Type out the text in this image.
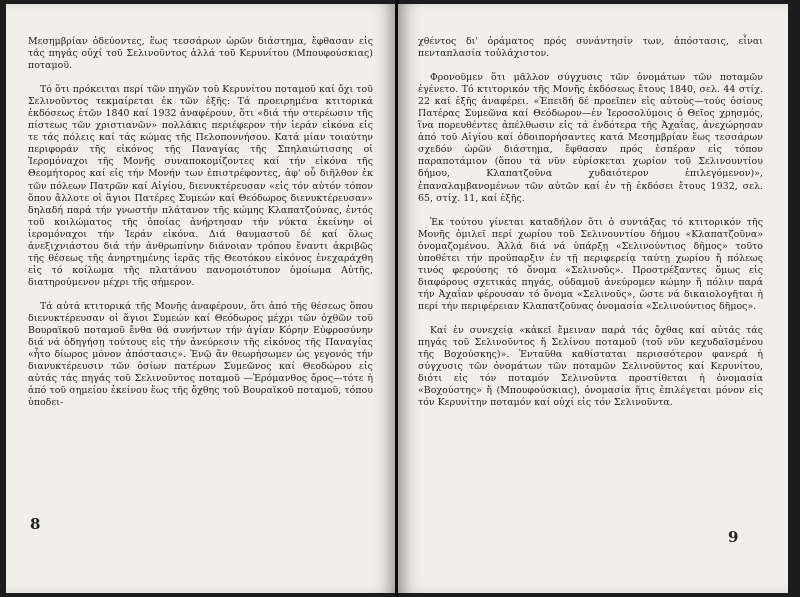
Μεσημβρίαν ὁδεύοντες, ἕως τεσσάρων ὡρῶν διάστημα, ἔφθασαν εἰς τάς πηγάς οὐχί τοῦ Σελινοῦντος ἀλλά τοῦ Κερυνίτου (Μπουφούσκιας) ποταμοῦ.

Τό ὅτι πρόκειται περί τῶν πηγῶν τοῦ Κερυνίτου ποταμοῦ καί ὄχι τοῦ Σελινοῦντος τεκμαίρεται ἐκ τῶν ἑξῆς: Τά προειρημένα κτιτορικά ἐκδόσεως ἐτῶν 1840 καί 1932 ἀναφέρουν, ὅτι «διά τήν στερέωσιν τῆς πίστεως τῶν χριστιανῶν» πολλάκις περιέφερον τήν ἱεράν εἰκόνα εἰς τε τάς πόλεις καί τάς κώμας τῆς Πελοποννήσου. Κατά μίαν τοιαύτην περιφοράν τῆς εἰκόνος τῆς Παναγίας τῆς Σπηλαιώτισσης οἱ Ἱερομόναχοι τῆς Μονῆς συναποκομίζοντες καί τήν εἰκόνα τῆς Θεομήτορος καί εἰς τήν Μονήν των ἐπιστρέφοντες, ἀφ' οὗ διῆλθον ἐκ τῶν πόλεων Πατρῶν καί Αἰγίου, διενυκτέρευσαν «εἰς τόν αὐτόν τόπον ὅπου ἄλλοτε οἱ ἅγιοι Πατέρες Συμεών καί Θεόδωρος διενυκτέρευσαν» δηλαδή παρά τήν γνωστήν πλάτανον τῆς κώμης Κλαπατζούνας, ἐντός τοῦ κοιλώματος τῆς ὁποίας ἀνήρτησαν τήν νύκτα ἐκείνην οἱ ἱερομόναχοι τήν Ἱεράν εἰκόνα. Διά θαυμαστοῦ δέ καί ὅλως ἀνεξιχνιάστου διά τήν ἀνθρωπίνην διάνοιαν τρόπου ἔναντι ἀκριβῶς τῆς θέσεως τῆς ἀνηρτημένης ἱερᾶς τῆς Θεοτόκου εἰκόνος ἐνεχαράχθη εἰς τό κοίλωμα τῆς πλατάνου πανομοιότυπον ὁμοίωμα Αὐτῆς, διατηρούμενον μέχρι τῆς σήμερον.

Τά αὐτά κτιτορικά τῆς Μονῆς ἀναφέρουν, ὅτι ἀπό τῆς θέσεως ὅπου διενυκτέρευσαν οἱ ἅγιοι Συμεών καί Θεόδωρος μέχρι τῶν ὀχθῶν τοῦ Βουραϊκοῦ ποταμοῦ ἔνθα θά συνήντων τήν ἁγίαν Κόρην Εὐφροσύνην διά νά ὁδηγήσῃ τούτους εἰς τήν ἀνεύρεσιν τῆς εἰκόνος τῆς Παναγίας «ἦτο δίωρος μόνον ἀπόστασις». Ἐνῷ ἄν θεωρήσωμεν ὡς γεγονός τήν διανυκτέρευσιν τῶν ὁσίων πατέρων Συμεῶνος καί Θεοδώρου εἰς αὐτάς τάς πηγάς τοῦ Σελινοῦντος ποταμοῦ —Ἐρόμανθος ὄρος—τότε ἡ ἀπό τοῦ σημείου ἐκείνου ἕως τῆς ὄχθης τοῦ Βουραϊκοῦ ποταμοῦ, τόπου ὑποδει-

8

χθέντος δι' ὁράματος πρός συνάντησίν των, ἀπόστασις, εἶναι πενταπλασία τοὐλάχιστον.

Φρονοῦμεν ὅτι μᾶλλον σύγχυσις τῶν ὀνομάτων τῶν ποταμῶν ἐγένετο. Τό κτιτορικόν τῆς Μονῆς ἐκδόσεως ἔτους 1840, σελ. 44 στίχ. 22 καί ἑξῆς ἀναφέρει. «Ἐπειδή δέ προεῖπεν εἰς αὐτοὺς—τούς ὁσίους Πατέρας Συμεῶνα καί Θεόδωρον—ἐν Ἱεροσολύμοις ὁ Θεῖος χρησμός, ἵνα πορευθέντες ἀπέλθωσιν εἰς τά ἐνδότερα τῆς Ἀχαΐας, ἀνεχώρησαν ἀπό τοῦ Αἰγίου καί ὁδοιπορήσαντες κατά Μεσημβρίαν ἕως τεσσάρων σχεδόν ὡρῶν διάστημα, ἔφθασαν πρός ἐσπέραν εἰς τόπον παραποτάμιον (ὅπου τά νῦν εὑρίσκεται χωρίον τοῦ Σελινουντίου δήμου, Κλαπατζοῦνα χυδαιότερον ἐπιλεγόμενον)», ἐπαναλαμβανομένων τῶν αὐτῶν καί ἐν τῇ ἐκδόσει ἔτους 1932, σελ. 65, στίχ. 11, καί ἑξῆς.

Ἐκ τούτου γίνεται καταδήλον ὅτι ὁ συντάξας τό κτιτορικόν τῆς Μονῆς ὁμιλεῖ περί χωρίου τοῦ Σελινουντίου δήμου «Κλαπατζοῦνα» ὀνομαζομένου. Ἀλλά διά νά ὑπάρξῃ «Σελινούντιος δῆμος» τοῦτο ὑποθέτει τήν προϋπαρξιν ἐν τῇ περιφερείᾳ ταύτῃ χωρίου ἤ πόλεως τινός φερούσης τό ὄνομα «Σελινοῦς». Προστρέξαντες ὅμως εἰς διαφόρους σχετικάς πηγάς, οὐδαμοῦ ἀνεύρομεν κώμην ἤ πόλιν παρά τήν Ἀχαΐαν φέρουσαν τό ὄνομα «Σελινοῦς», ὥστε νά δικαιολογῆται ἡ περί τήν περιφέρειαν Κλαπατζοῦνας ὀνομασία «Σελινούντιος δῆμος».

Καί ἐν συνεχείᾳ «κἀκεῖ ἔμειναν παρά τάς ὄχθας καί αὐτάς τάς πηγάς τοῦ Σελινοῦντος ἤ Σελίνου ποταμοῦ (τοῦ νῦν κεχυδαϊσμένου τῆς Βοχούσκης)». Ἐνταῦθα καθίσταται περισσότερον φανερά ἡ σύγχυσις τῶν ὀνομάτων τῶν ποταμῶν Σελινοῦντος καί Κερυνίτου, διότι εἰς τόν ποταμόν Σελινοῦντα προστίθεται ἡ ὀνομασία «Βοχούστης» ἤ (Μπουφούσκιας), ὀνομασία ἥτις ἐπιλέγεται μόνον εἰς τόν Κερυνίτην ποταμόν καί οὐχί εἰς τόν Σελινοῦντα.

9
